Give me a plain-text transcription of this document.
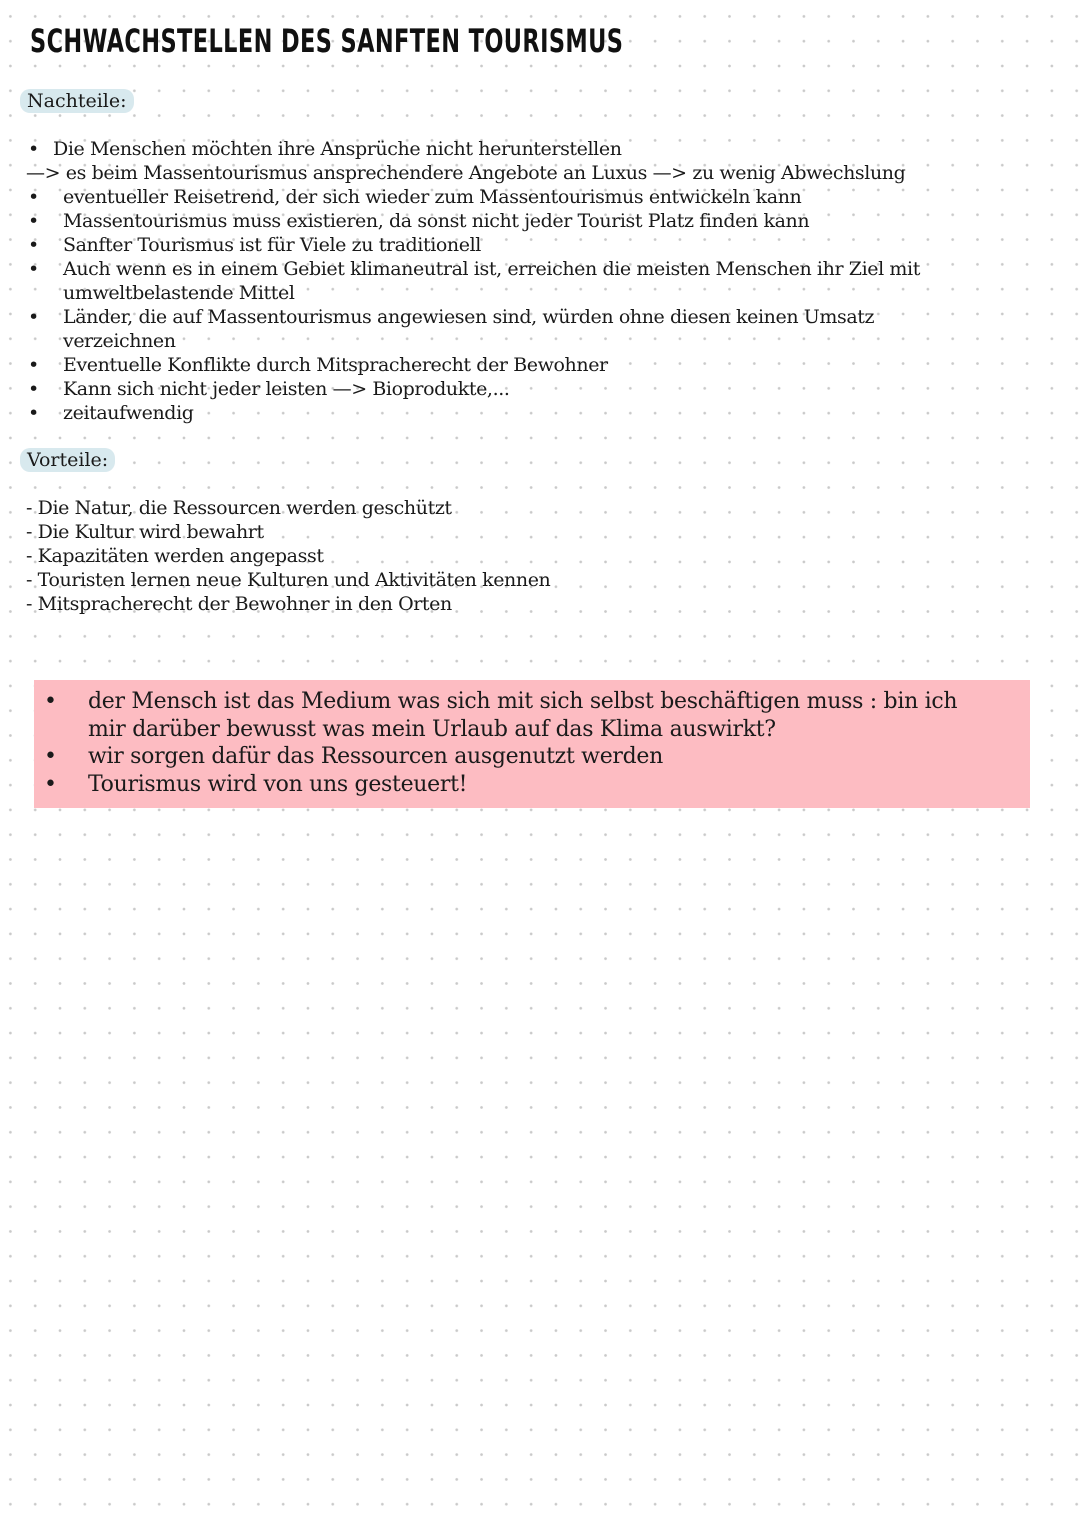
SCHWACHSTELLEN DES SANFTEN TOURISMUS
Nachteile:
• Die Menschen möchten ihre Ansprüche nicht herunterstellen
—> es beim Massentourismus ansprechendere Angebote an Luxus —> zu wenig Abwechslung
• eventueller Reisetrend, der sich wieder zum Massentourismus entwickeln kann
• Massentourismus muss existieren, da sonst nicht jeder Tourist Platz finden kann
• Sanfter Tourismus ist für Viele zu traditionell
• Auch wenn es in einem Gebiet klimaneutral ist, erreichen die meisten Menschen ihr Ziel mit umweltbelastende Mittel
• Länder, die auf Massentourismus angewiesen sind, würden ohne diesen keinen Umsatz verzeichnen
• Eventuelle Konflikte durch Mitspracherecht der Bewohner
• Kann sich nicht jeder leisten —> Bioprodukte,...
• zeitaufwendig
Vorteile:
- Die Natur, die Ressourcen werden geschützt
- Die Kultur wird bewahrt
- Kapazitäten werden angepasst
- Touristen lernen neue Kulturen und Aktivitäten kennen
- Mitspracherecht der Bewohner in den Orten
• der Mensch ist das Medium was sich mit sich selbst beschäftigen muss : bin ich mir darüber bewusst was mein Urlaub auf das Klima auswirkt?
• wir sorgen dafür das Ressourcen ausgenutzt werden
• Tourismus wird von uns gesteuert!
